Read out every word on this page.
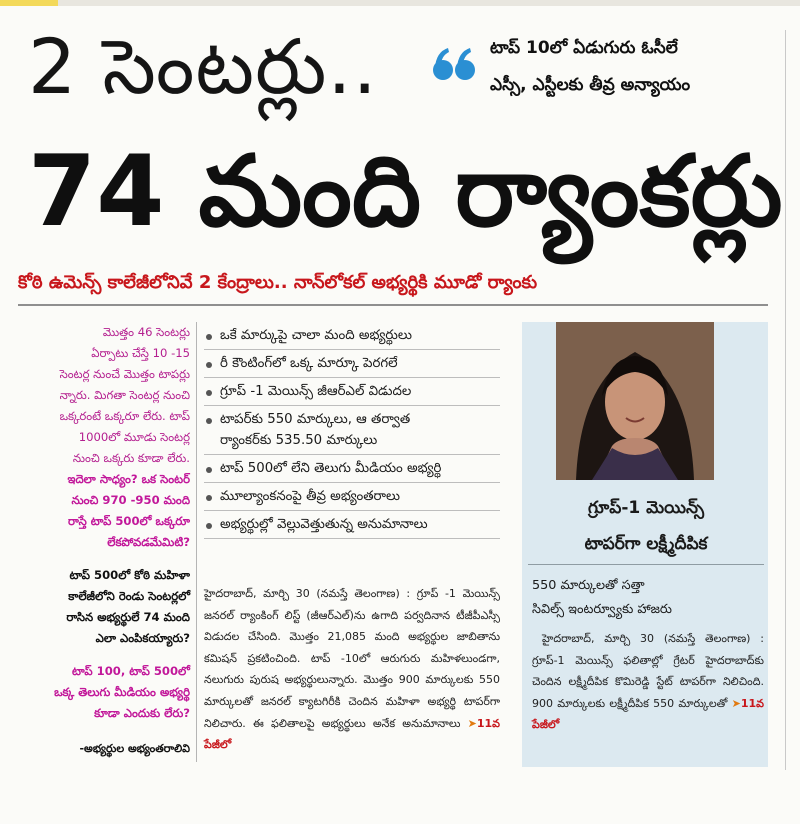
2 సెంటర్లు..	టాప్ 10లో ఏడుగురు ఓసీలే
ఎస్సీ, ఎస్టీలకు తీవ్ర అన్యాయం
74 మంది ర్యాంకర్లు
కోఠి ఉమెన్స్ కాలేజీలోనివే 2 కేంద్రాలు.. నాన్‌లోకల్ అభ్యర్థికి మూడో ర్యాంకు

మొత్తం 46 సెంటర్లు

ఏర్పాటు చేస్తే 10 -15

సెంటర్ల నుంచే మొత్తం టాపర్లు

న్నారు. మిగతా సెంటర్ల నుంచి

ఒక్కరంటే ఒక్కరూ లేరు. టాప్

1000లో మూడు సెంటర్ల

నుంచి ఒక్కరు కూడా లేరు.

ఇదెలా సాధ్యం? ఒక సెంటర్

నుంచి 970 -950 మంది

రాస్తే టాప్ 500లో ఒక్కరూ

లేకపోవడమేమిటి?

టాప్ 500లో కోఠి మహిళా

కాలేజీలోని రెండు సెంటర్లలో

రాసిన అభ్యర్థులే 74 మంది

ఎలా ఎంపికయ్యారు?

టాప్ 100, టాప్ 500లో

ఒక్క తెలుగు మీడియం అభ్యర్థి

కూడా ఎందుకు లేరు?

-అభ్యర్థుల అభ్యంతరాలివి

ఒకే మార్కుపై చాలా మంది అభ్యర్థులు
రీ కౌంటింగ్‌లో ఒక్క మార్కూ పెరగలే
గ్రూప్ -1 మెయిన్స్ జీఆర్ఎల్ విడుదల
టాపర్‌కు 550 మార్కులు, ఆ తర్వాత
ర్యాంకర్‌కు 535.50 మార్కులు
టాప్ 500లో లేని తెలుగు మీడియం అభ్యర్థి
మూల్యాంకనంపై తీవ్ర అభ్యంతరాలు
అభ్యర్థుల్లో వెల్లువెత్తుతున్న అనుమానాలు

హైదరాబాద్, మార్చి 30 (నమస్తే తెలంగాణ) : గ్రూప్ -1 మెయిన్స్ జనరల్ ర్యాంకింగ్ లిస్ట్ (జీఆర్ఎల్)ను ఉగాది పర్వదినాన టీజీపీఎస్సీ విడుదల చేసింది. మొత్తం 21,085 మంది అభ్యర్థుల జాబితాను కమిషన్ ప్రకటించింది. టాప్ -10లో ఆరుగురు మహిళలుండగా, నలుగురు పురుష అభ్యర్థులున్నారు. మొత్తం 900 మార్కులకు 550 మార్కులతో జనరల్ క్యాటగిరీకి చెందిన మహిళా అభ్యర్థి టాపర్‌గా నిలిచారు. ఈ ఫలితాలపై అభ్యర్థులు అనేక అనుమానాలు ➤11వ పేజీలో

గ్రూప్-1 మెయిన్స్
టాపర్‌గా లక్ష్మీదీపిక
550 మార్కులతో సత్తా
సివిల్స్ ఇంటర్వ్యూకు హాజరు

హైదరాబాద్, మార్చి 30 (నమస్తే తెలంగాణ) : గ్రూప్-1 మెయిన్స్ ఫలితాల్లో గ్రేటర్ హైదరాబాద్‌కు చెందిన లక్ష్మీదీపిక కొమిరెడ్డి స్టేట్ టాపర్‌గా నిలిచింది. 900 మార్కులకు లక్ష్మీదీపిక 550 మార్కులతో ➤11వ పేజీలో
